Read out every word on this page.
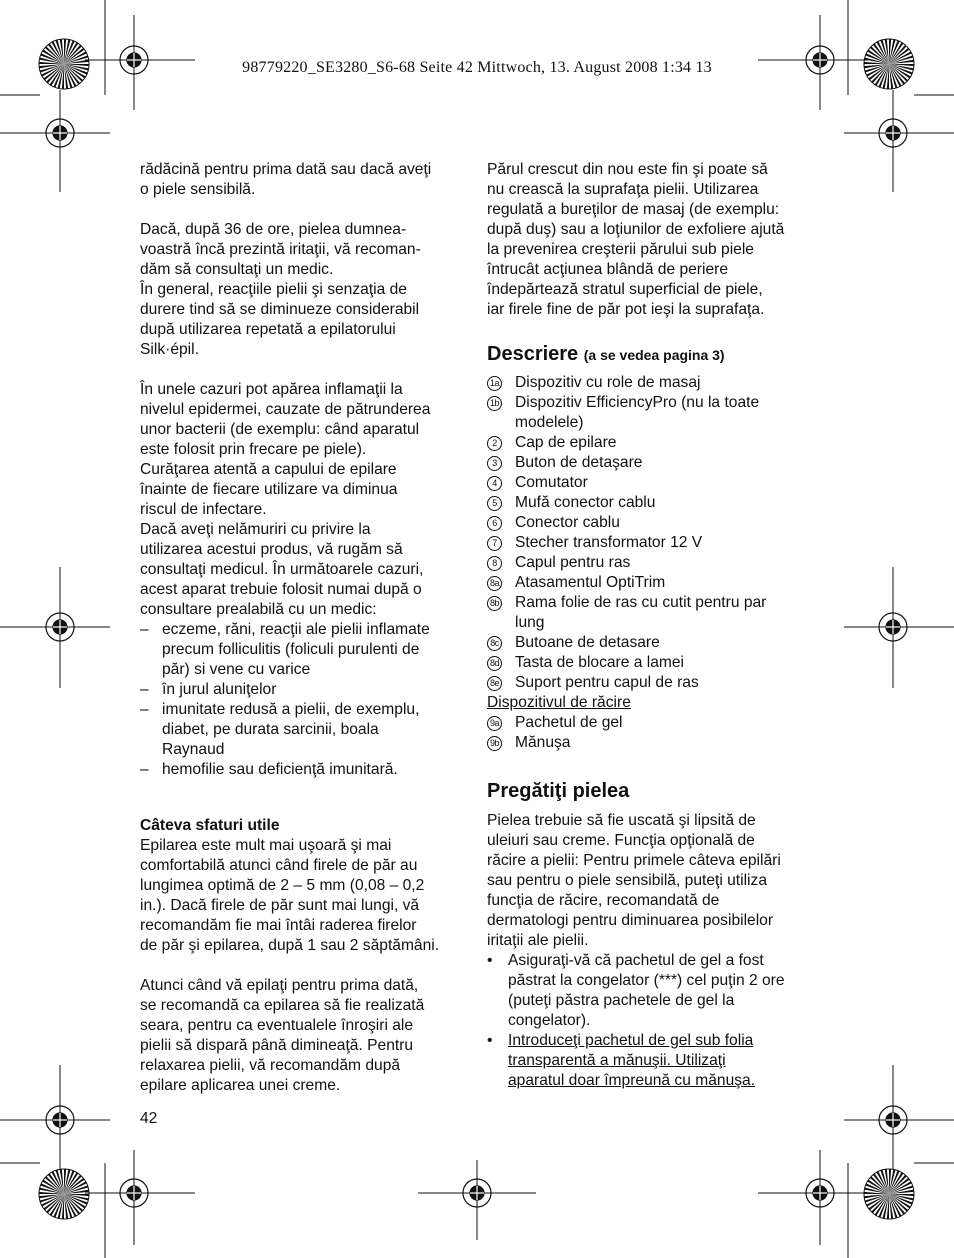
98779220_SE3280_S6-68 Seite 42 Mittwoch, 13. August 2008 1:34 13

rădăcină pentru prima dată sau dacă aveţi
o piele sensibilă.

Dacă, după 36 de ore, pielea dumnea-
voastră încă prezintă iritaţii, vă recoman-
dăm să consultaţi un medic.
În general, reacţiile pielii şi senzaţia de
durere tind să se diminueze considerabil
după utilizarea repetată a epilatorului
Silk·épil.

În unele cazuri pot apărea inflamaţii la
nivelul epidermei, cauzate de pătrunderea
unor bacterii (de exemplu: când aparatul
este folosit prin frecare pe piele).
Curăţarea atentă a capului de epilare
înainte de fiecare utilizare va diminua
riscul de infectare.
Dacă aveţi nelămuriri cu privire la
utilizarea acestui produs, vă rugăm să
consultaţi medicul. În următoarele cazuri,
acest aparat trebuie folosit numai după o
consultare prealabilă cu un medic:

– eczeme, răni, reacţii ale pielii inflamate
precum folliculitis (foliculi purulenti de
păr) si vene cu varice
– în jurul aluniţelor
– imunitate redusă a pielii, de exemplu,
diabet, pe durata sarcinii, boala
Raynaud
– hemofilie sau deficienţă imunitară.

Câteva sfaturi utile

Epilarea este mult mai uşoară şi mai
comfortabilă atunci când firele de păr au
lungimea optimă de 2 – 5 mm (0,08 – 0,2
in.). Dacă firele de păr sunt mai lungi, vă
recomandăm fie mai întâi raderea firelor
de păr şi epilarea, după 1 sau 2 săptămâni.

Atunci când vă epilaţi pentru prima dată,
se recomandă ca epilarea să fie realizată
seara, pentru ca eventualele înroşiri ale
pielii să dispară până dimineaţă. Pentru
relaxarea pielii, vă recomandăm după
epilare aplicarea unei creme.

Părul crescut din nou este fin şi poate să
nu crească la suprafaţa pielii. Utilizarea
regulată a bureţilor de masaj (de exemplu:
după duş) sau a loţiunilor de exfoliere ajută
la prevenirea creşterii părului sub piele
întrucât acţiunea blândă de periere
îndepărtează stratul superficial de piele,
iar firele fine de păr pot ieşi la suprafaţa.

Descriere (a se vedea pagina 3)
1a Dispozitiv cu role de masaj
1b Dispozitiv EfficiencyPro (nu la toate
modelele)
2	Cap de epilare
3	Buton de detaşare
4	Comutator
5	Mufă conector cablu
6	Conector cablu
7	Stecher transformator 12 V
8	Capul pentru ras
8a Atasamentul OptiTrim
8b Rama folie de ras cu cutit pentru par
lung
8c Butoane de detasare
8d Tasta de blocare a lamei
8e Suport pentru capul de ras

Dispozitivul de răcire

9a Pachetul de gel
9b Mănuşa
Pregătiţi pielea

Pielea trebuie să fie uscată şi lipsită de
uleiuri sau creme. Funcţia opţională de
răcire a pielii: Pentru primele câteva epilări
sau pentru o piele sensibilă, puteţi utiliza
funcţia de răcire, recomandată de
dermatologi pentru diminuarea posibilelor
iritaţii ale pielii.

• Asiguraţi-vă că pachetul de gel a fost
păstrat la congelator (***) cel puţin 2 ore
(puteţi păstra pachetele de gel la
congelator).
• Introduceţi pachetul de gel sub folia
transparentă a mănuşii. Utilizaţi
aparatul doar împreună cu mănuşa.
42
